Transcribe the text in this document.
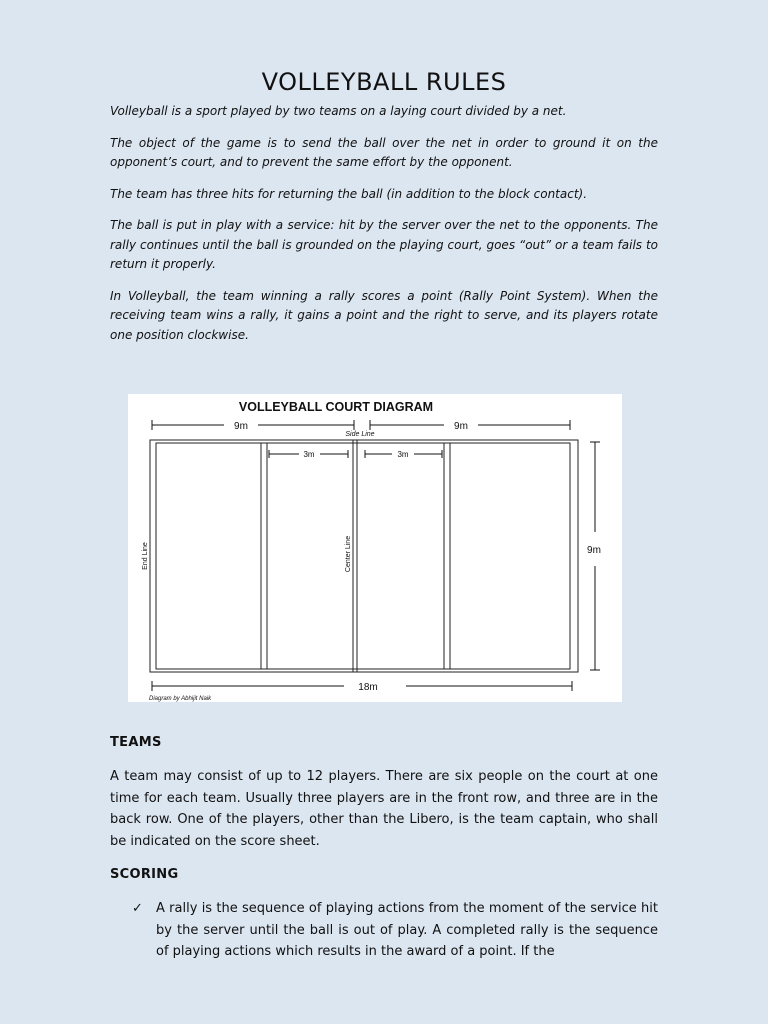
VOLLEYBALL RULES

Volleyball is a sport played by two teams on a laying court divided by a net.

The object of the game is to send the ball over the net in order to ground it on the opponent’s court, and to prevent the same effort by the opponent.

The team has three hits for returning the ball (in addition to the block contact).

The ball is put in play with a service: hit by the server over the net to the opponents. The rally continues until the ball is grounded on the playing court, goes “out” or a team fails to return it properly.

In Volleyball, the team winning a rally scores a point (Rally Point System). When the receiving team wins a rally, it gains a point and the right to serve, and its players rotate one position clockwise.

VOLLEYBALL COURT DIAGRAM
9m	9m
Side Line
3m	3m
End Line	Center Line	9m
18m
Diagram by Abhijit Naik
TEAMS
A team may consist of up to 12 players. There are six people on the court at one time for each team. Usually three players are in the front row, and three are in the back row. One of the players, other than the Libero, is the team captain, who shall be indicated on the score sheet.
SCORING
✓	A rally is the sequence of playing actions from the moment of the service hit by the server until the ball is out of play. A completed rally is the sequence of playing actions which results in the award of a point. If the
